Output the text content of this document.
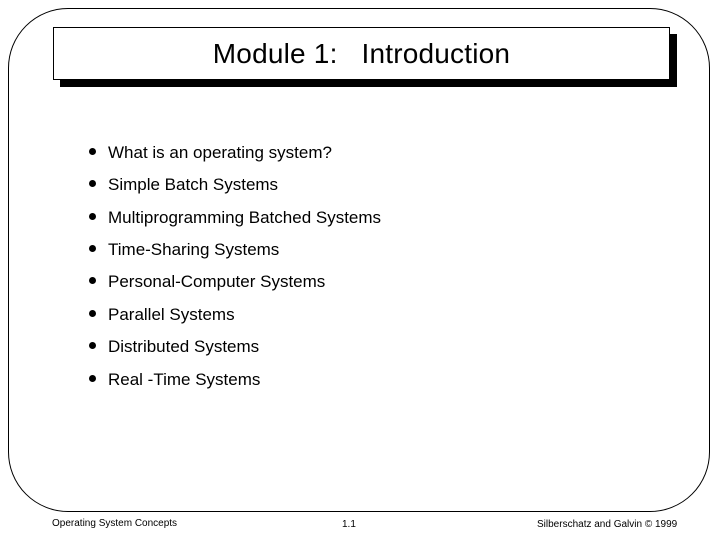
Module 1:   Introduction
What is an operating system?
Simple Batch Systems
Multiprogramming Batched Systems
Time-Sharing Systems
Personal-Computer Systems
Parallel Systems
Distributed Systems
Real -Time Systems
Operating System Concepts	1.1	Silberschatz and Galvin © 1999
